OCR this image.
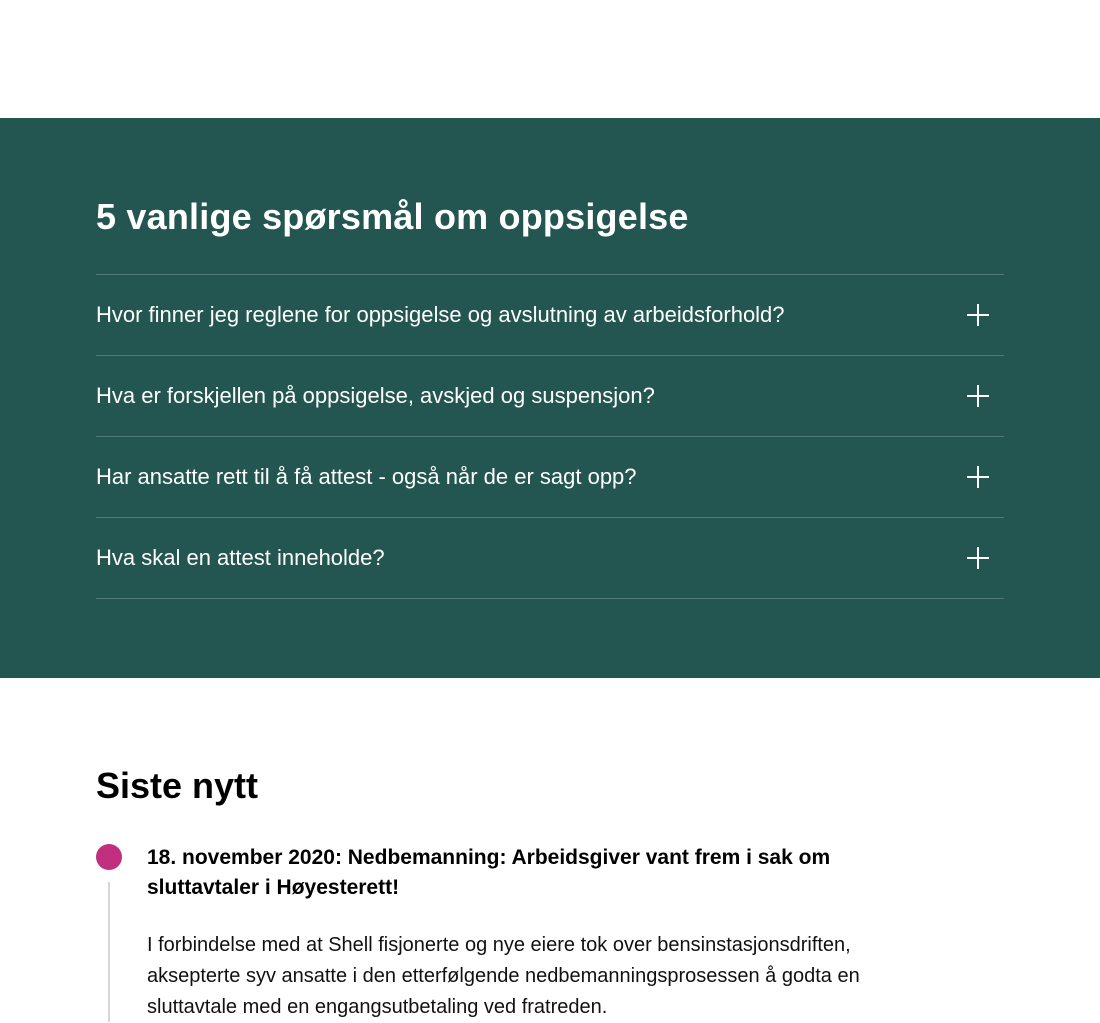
5 vanlige spørsmål om oppsigelse
Hvor finner jeg reglene for oppsigelse og avslutning av arbeidsforhold?
Hva er forskjellen på oppsigelse, avskjed og suspensjon?
Har ansatte rett til å få attest - også når de er sagt opp?
Hva skal en attest inneholde?
Siste nytt
18. november 2020: Nedbemanning: Arbeidsgiver vant frem i sak om sluttavtaler i Høyesterett!

I forbindelse med at Shell fisjonerte og nye eiere tok over bensinstasjonsdriften, aksepterte syv ansatte i den etterfølgende nedbemanningsprosessen å godta en sluttavtale med en engangsutbetaling ved fratreden.
